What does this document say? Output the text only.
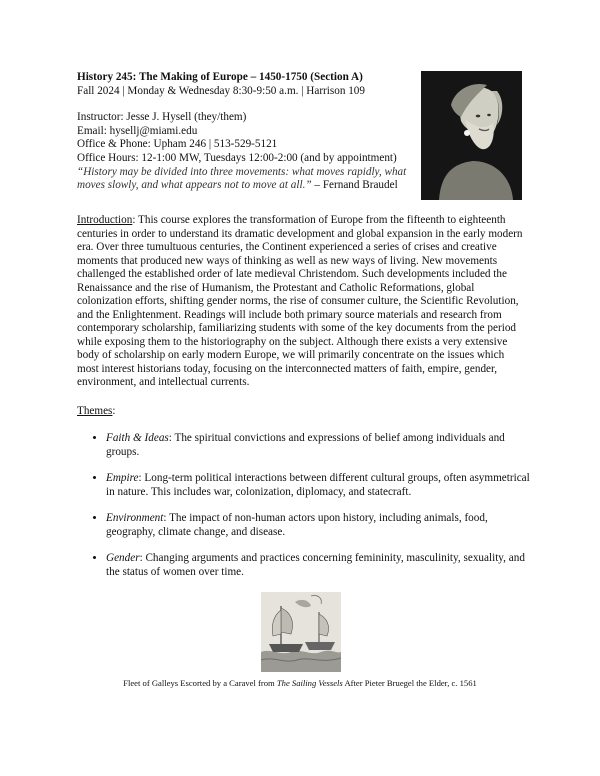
History 245: The Making of Europe – 1450-1750 (Section A)
Fall 2024 | Monday & Wednesday 8:30-9:50 a.m. | Harrison 109
Instructor: Jesse J. Hysell (they/them)
Email: hysellj@miami.edu
Office & Phone: Upham 246 | 513-529-5121
Office Hours: 12-1:00 MW, Tuesdays 12:00-2:00 (and by appointment)
“History may be divided into three movements: what moves rapidly, what moves slowly, and what appears not to move at all.” – Fernand Braudel
Introduction: This course explores the transformation of Europe from the fifteenth to eighteenth centuries in order to understand its dramatic development and global expansion in the early modern era. Over three tumultuous centuries, the Continent experienced a series of crises and creative moments that produced new ways of thinking as well as new ways of living. New movements challenged the established order of late medieval Christendom. Such developments included the Renaissance and the rise of Humanism, the Protestant and Catholic Reformations, global colonization efforts, shifting gender norms, the rise of consumer culture, the Scientific Revolution, and the Enlightenment. Readings will include both primary source materials and research from contemporary scholarship, familiarizing students with some of the key documents from the period while exposing them to the historiography on the subject. Although there exists a very extensive body of scholarship on early modern Europe, we will primarily concentrate on the issues which most interest historians today, focusing on the interconnected matters of faith, empire, gender, environment, and intellectual currents.
Themes:
• Faith & Ideas: The spiritual convictions and expressions of belief among individuals and groups.
• Empire: Long-term political interactions between different cultural groups, often asymmetrical in nature. This includes war, colonization, diplomacy, and statecraft.
• Environment: The impact of non-human actors upon history, including animals, food, geography, climate change, and disease.
• Gender: Changing arguments and practices concerning femininity, masculinity, sexuality, and the status of women over time.
Fleet of Galleys Escorted by a Caravel from The Sailing Vessels After Pieter Bruegel the Elder, c. 1561
